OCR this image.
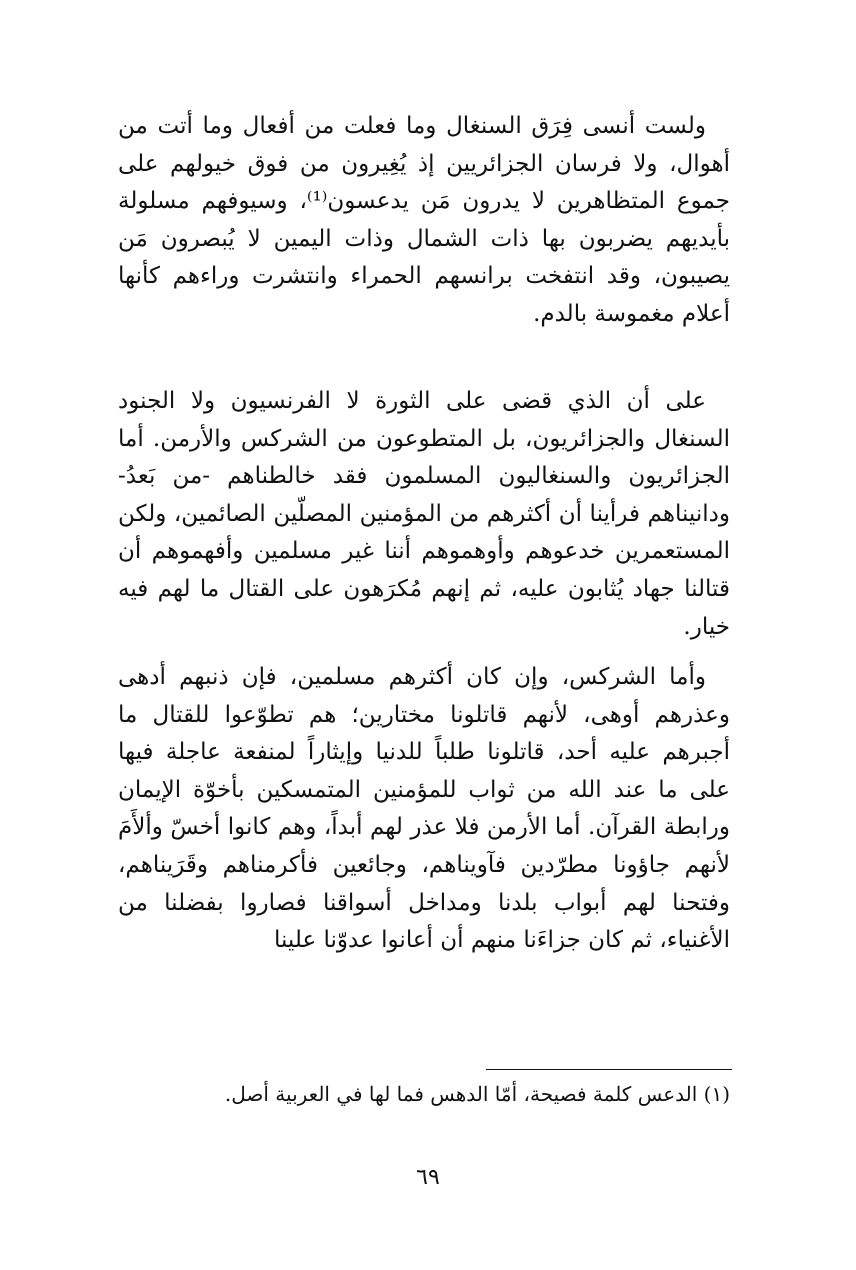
ولست أنسى فِرَق السنغال وما فعلت من أفعال وما أتت من أهوال، ولا فرسان الجزائريين إذ يُغِيرون من فوق خيولهم على جموع المتظاهرين لا يدرون مَن يدعسون⁽¹⁾، وسيوفهم مسلولة بأيديهم يضربون بها ذات الشمال وذات اليمين لا يُبصرون مَن يصيبون، وقد انتفخت برانسهم الحمراء وانتشرت وراءهم كأنها أعلام مغموسة بالدم.

على أن الذي قضى على الثورة لا الفرنسيون ولا الجنود السنغال والجزائريون، بل المتطوعون من الشركس والأرمن. أما الجزائريون والسنغاليون المسلمون فقد خالطناهم -من بَعدُ- ودانيناهم فرأينا أن أكثرهم من المؤمنين المصلّين الصائمين، ولكن المستعمرين خدعوهم وأوهموهم أننا غير مسلمين وأفهموهم أن قتالنا جهاد يُثابون عليه، ثم إنهم مُكرَهون على القتال ما لهم فيه خيار.

وأما الشركس، وإن كان أكثرهم مسلمين، فإن ذنبهم أدهى وعذرهم أوهى، لأنهم قاتلونا مختارين؛ هم تطوّعوا للقتال ما أجبرهم عليه أحد، قاتلونا طلباً للدنيا وإيثاراً لمنفعة عاجلة فيها على ما عند الله من ثواب للمؤمنين المتمسكين بأخوّة الإيمان ورابطة القرآن. أما الأرمن فلا عذر لهم أبداً، وهم كانوا أخسّ وألأَمَ لأنهم جاؤونا مطرّدين فآويناهم، وجائعين فأكرمناهم وقَرَيناهم، وفتحنا لهم أبواب بلدنا ومداخل أسواقنا فصاروا بفضلنا من الأغنياء، ثم كان جزاءَنا منهم أن أعانوا عدوّنا علينا

(١) الدعس كلمة فصيحة، أمّا الدهس فما لها في العربية أصل.

٦٩
